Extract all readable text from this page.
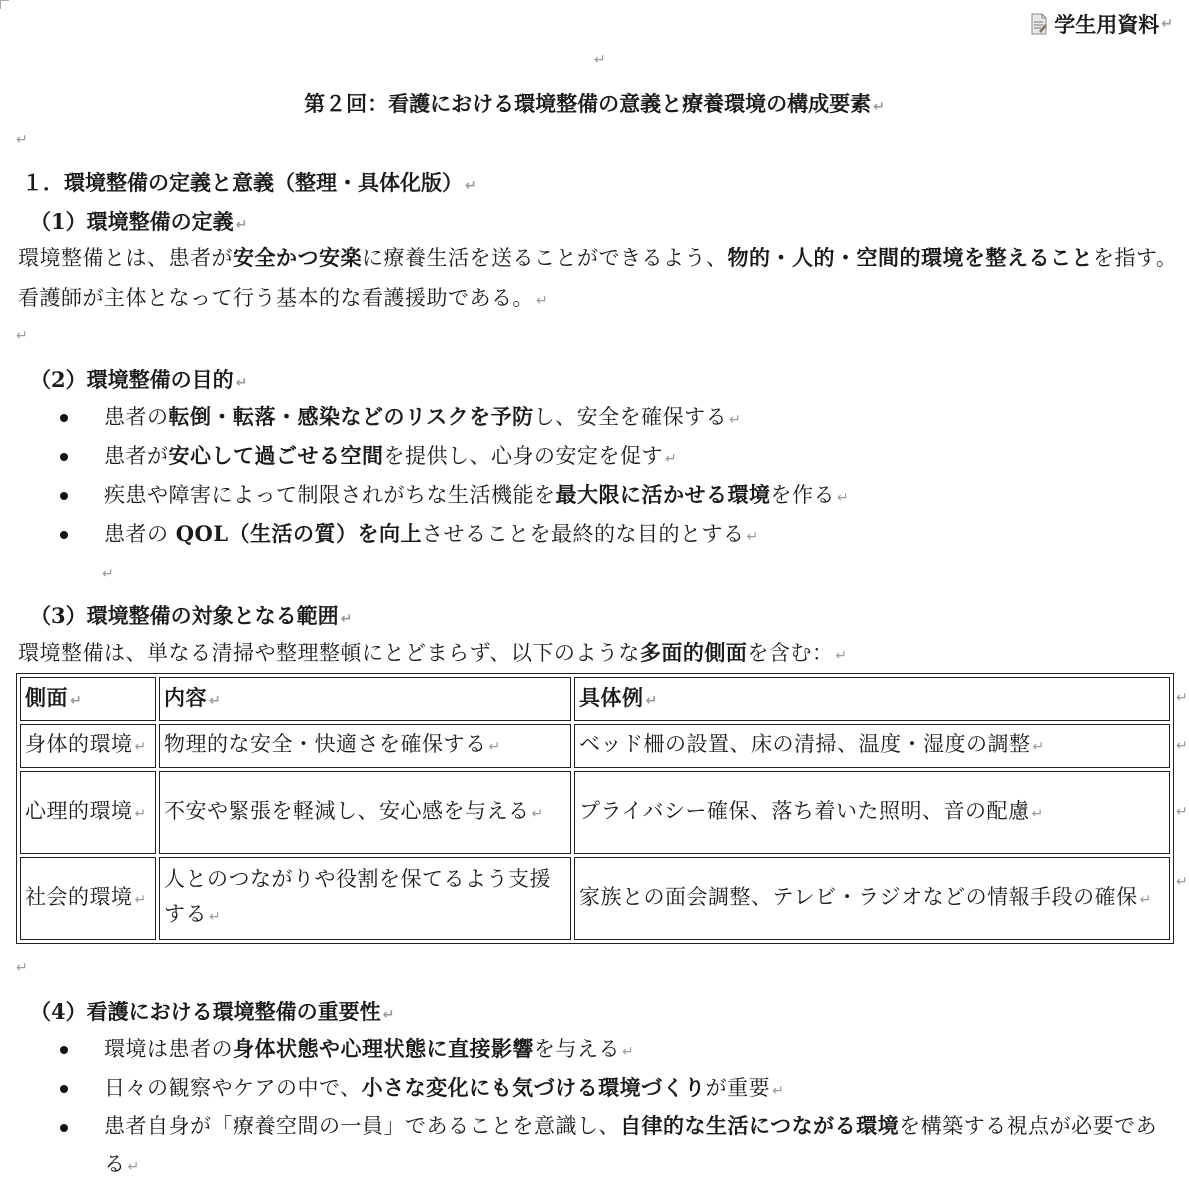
学生用資料 ↵
↵
第２回：看護における環境整備の意義と療養環境の構成要素 ↵
↵
１．環境整備の定義と意義（整理・具体化版） ↵
（1）環境整備の定義 ↵
環境整備とは、患者が安全かつ安楽に療養生活を送ることができるよう、物的・人的・空間的環境を整えることを指す。看護師が主体となって行う基本的な看護援助である。 ↵
↵
（2）環境整備の目的 ↵
患者の転倒・転落・感染などのリスクを予防し、安全を確保する ↵
患者が安心して過ごせる空間を提供し、心身の安定を促す ↵
疾患や障害によって制限されがちな生活機能を最大限に活かせる環境を作る ↵
患者の QOL（生活の質）を向上させることを最終的な目的とする ↵
↵
（3）環境整備の対象となる範囲 ↵
環境整備は、単なる清掃や整理整頓にとどまらず、以下のような多面的側面を含む： ↵
側面 ↵	内容 ↵	具体例 ↵
身体的環境 ↵	物理的な安全・快適さを確保する ↵	ベッド柵の設置、床の清掃、温度・湿度の調整 ↵
心理的環境 ↵	不安や緊張を軽減し、安心感を与える ↵	プライバシー確保、落ち着いた照明、音の配慮 ↵
社会的環境 ↵	人とのつながりや役割を保てるよう支援する ↵	家族との面会調整、テレビ・ラジオなどの情報手段の確保 ↵
↵
↵
↵
↵
↵
（4）看護における環境整備の重要性 ↵
環境は患者の身体状態や心理状態に直接影響を与える ↵
日々の観察やケアの中で、小さな変化にも気づける環境づくりが重要 ↵
患者自身が「療養空間の一員」であることを意識し、自律的な生活につながる環境を構築する視点が必要である ↵
